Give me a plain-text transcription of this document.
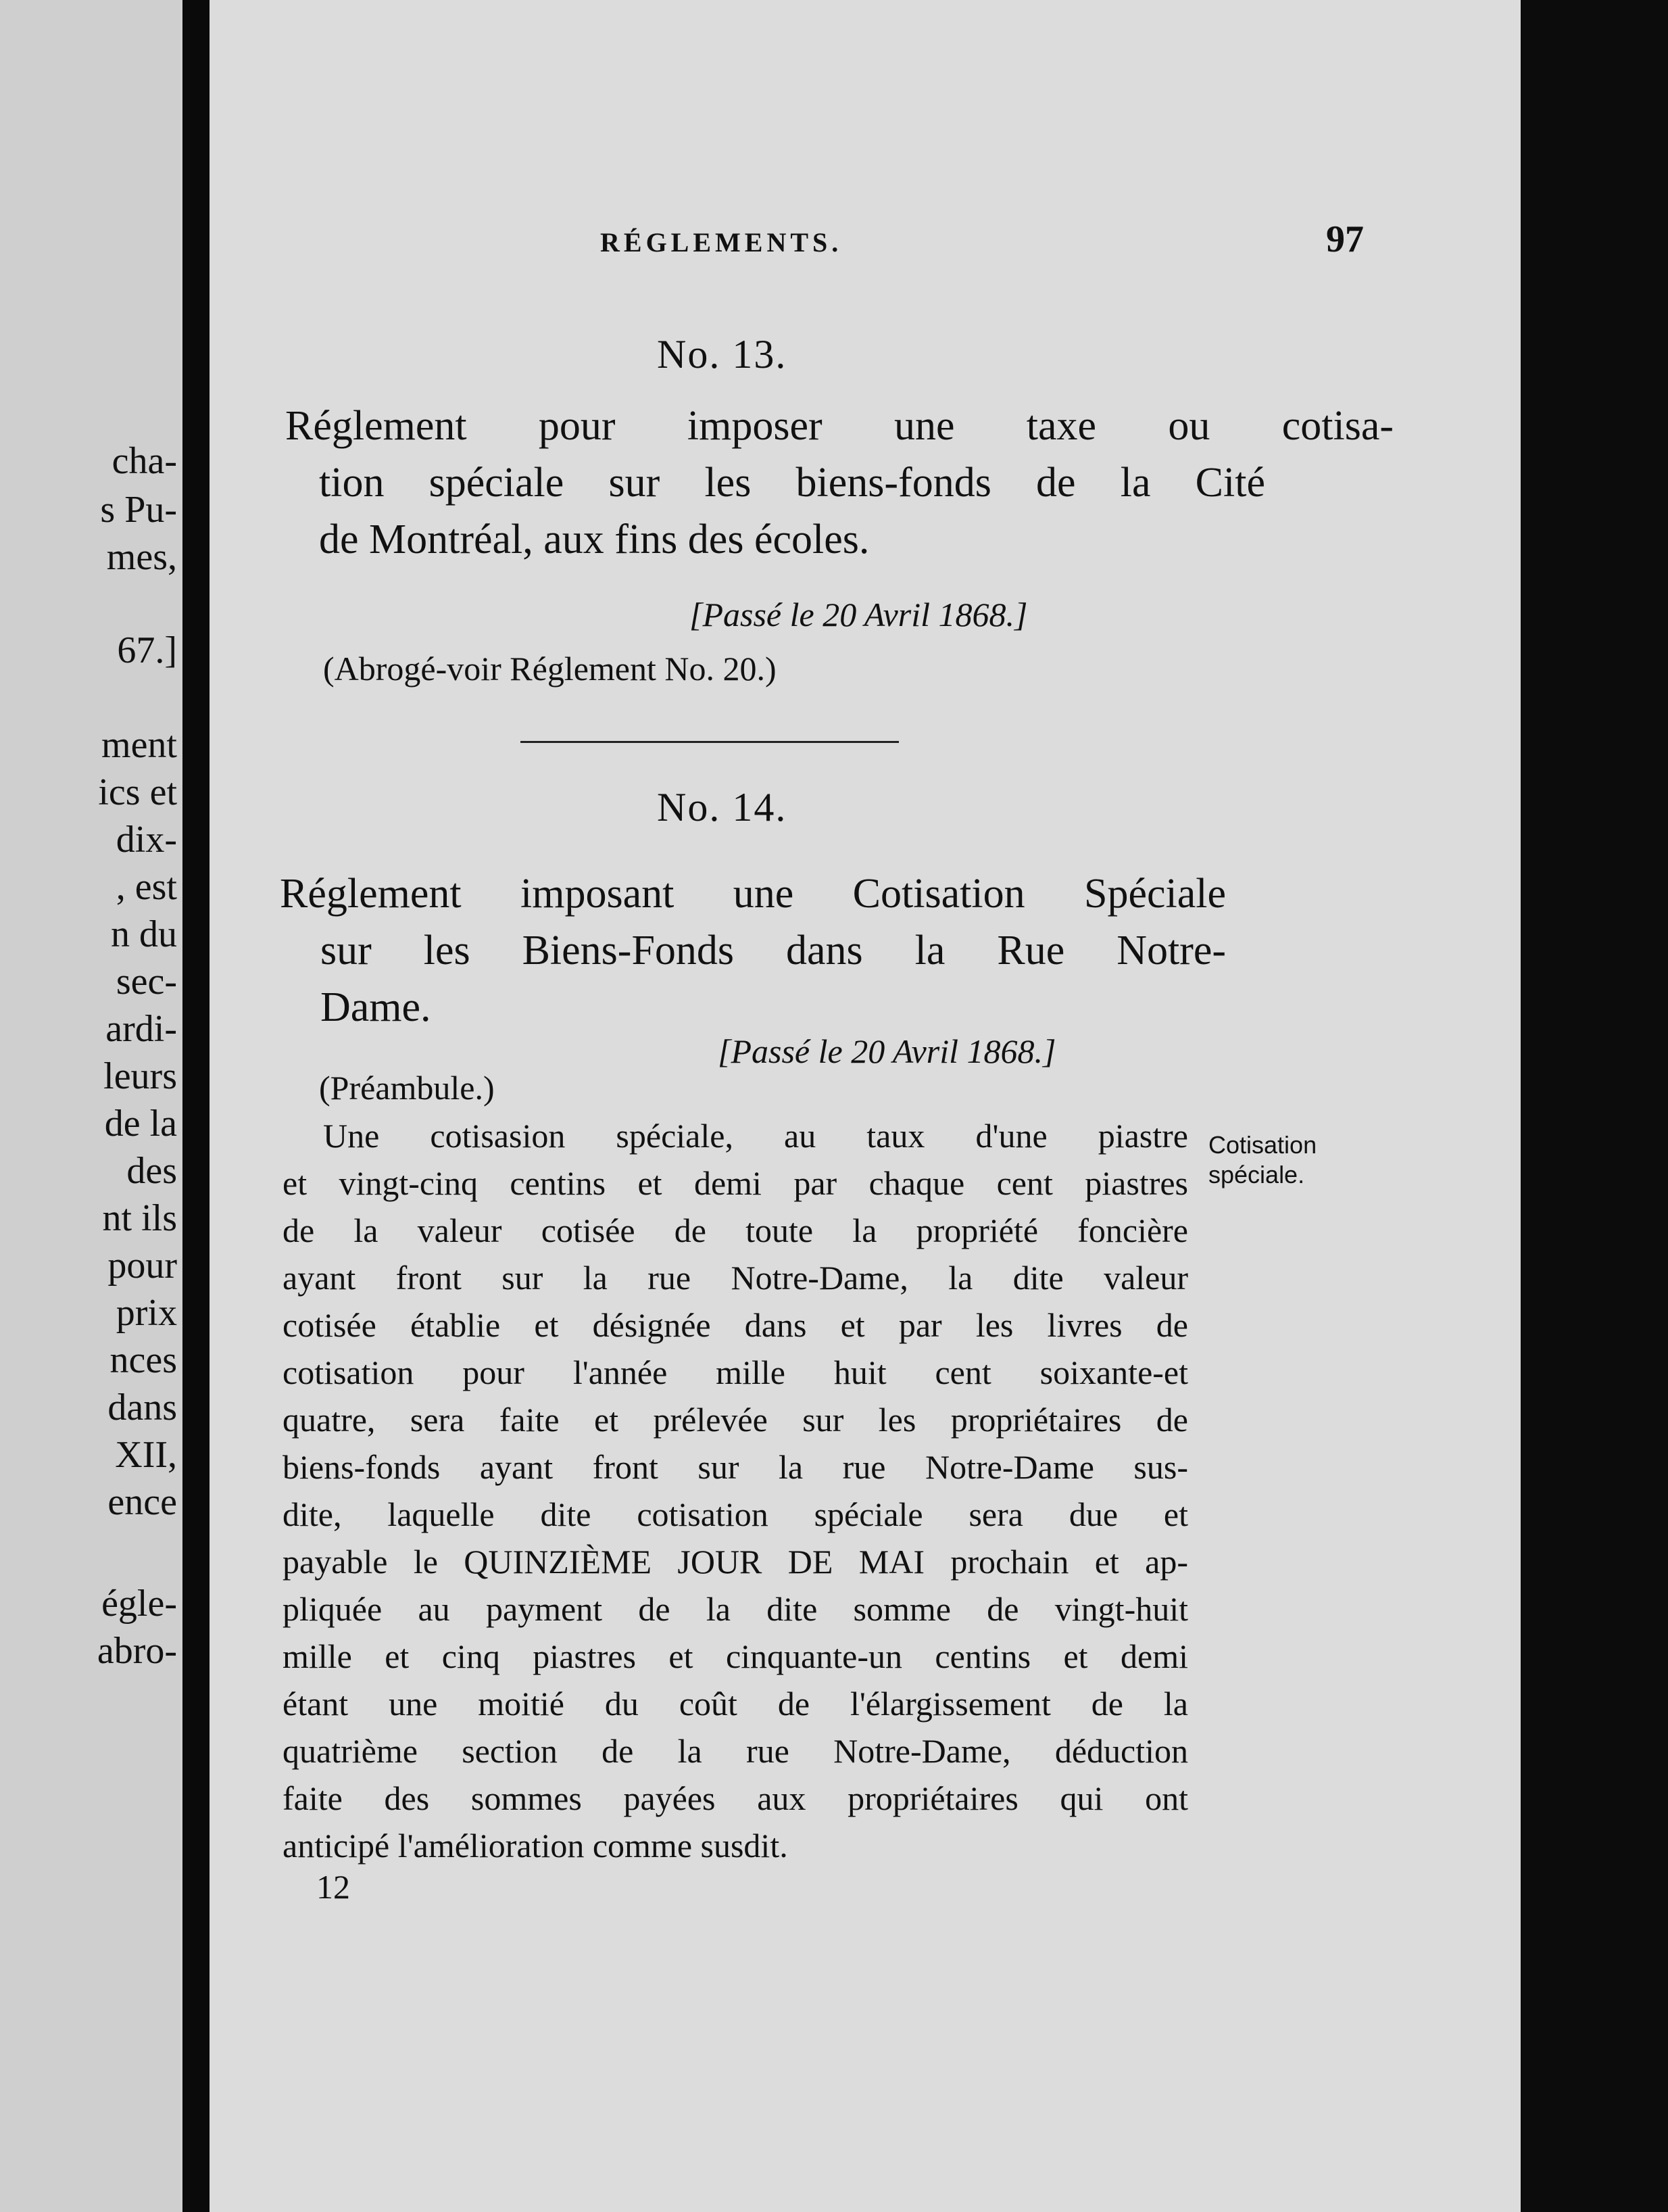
cha-
s Pu-
mes,
67.]
ment
ics et
dix-
, est
n du
sec-
ardi-
leurs
de la
des
nt ils
pour
prix
nces
dans
XII,
ence
égle-
abro-
RÉGLEMENTS.	97
No. 13.
Réglement pour imposer une taxe ou cotisa-
tion spéciale sur les biens-fonds de la Cité
de Montréal, aux fins des écoles.
[Passé le 20 Avril 1868.]
(Abrogé-voir Réglement No. 20.)
No. 14.
Réglement imposant une Cotisation Spéciale
sur les Biens-Fonds dans la Rue Notre-
Dame.
[Passé le 20 Avril 1868.]
(Préambule.)
Une cotisasion spéciale, au taux d'une piastre
et vingt-cinq centins et demi par chaque cent piastres
de la valeur cotisée de toute la propriété foncière
ayant front sur la rue Notre-Dame, la dite valeur
cotisée établie et désignée dans et par les livres de
cotisation pour l'année mille huit cent soixante-et
quatre, sera faite et prélevée sur les propriétaires de
biens-fonds ayant front sur la rue Notre-Dame sus-
dite, laquelle dite cotisation spéciale sera due et
payable le QUINZIÈME JOUR DE MAI prochain et ap-
pliquée au payment de la dite somme de vingt-huit
mille et cinq piastres et cinquante-un centins et demi
étant une moitié du coût de l'élargissement de la
quatrième section de la rue Notre-Dame, déduction
faite des sommes payées aux propriétaires qui ont
anticipé l'amélioration comme susdit.
Cotisation
spéciale.
12
